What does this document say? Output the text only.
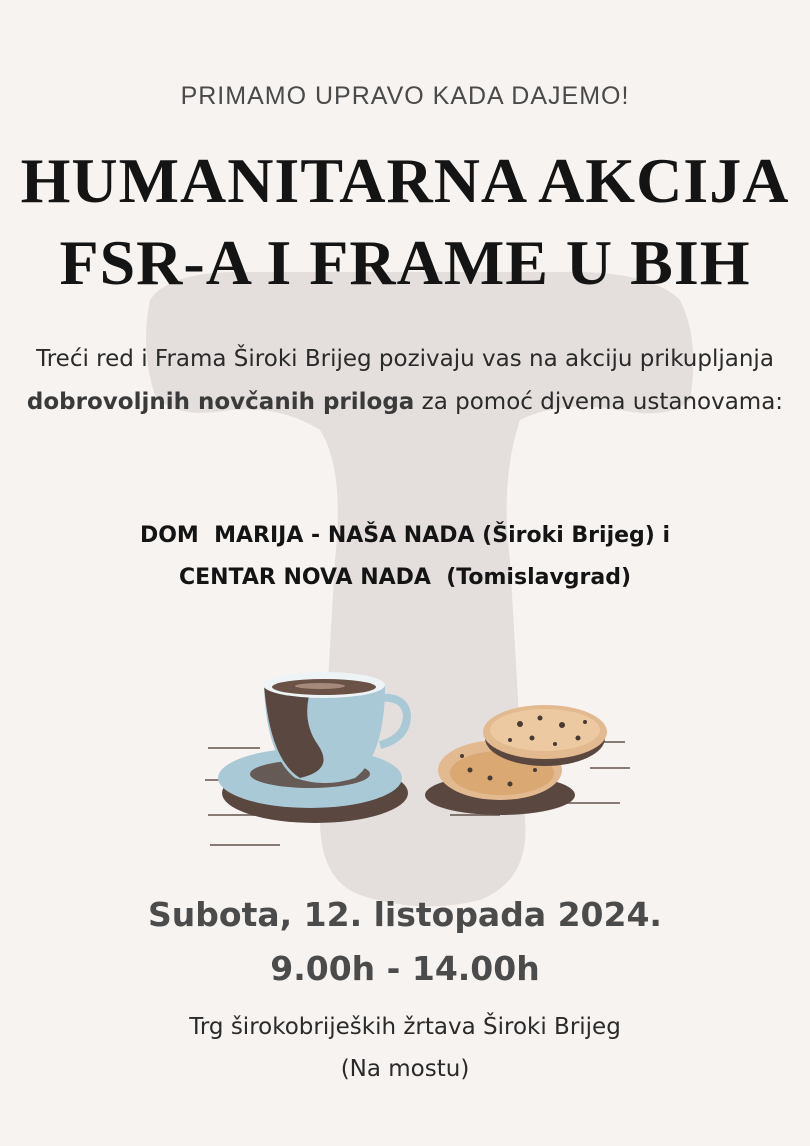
PRIMAMO UPRAVO KADA DAJEMO!
HUMANITARNA AKCIJA
FSR-A I FRAME U BIH
Treći red i Frama Široki Brijeg pozivaju vas na akciju prikupljanja dobrovoljnih novčanih priloga za pomoć djvema ustanovama:
DOM  MARIJA - NAŠA NADA (Široki Brijeg) i
CENTAR NOVA NADA  (Tomislavgrad)
Subota, 12. listopada 2024.
9.00h - 14.00h
Trg širokobrijeških žrtava Široki Brijeg
(Na mostu)
